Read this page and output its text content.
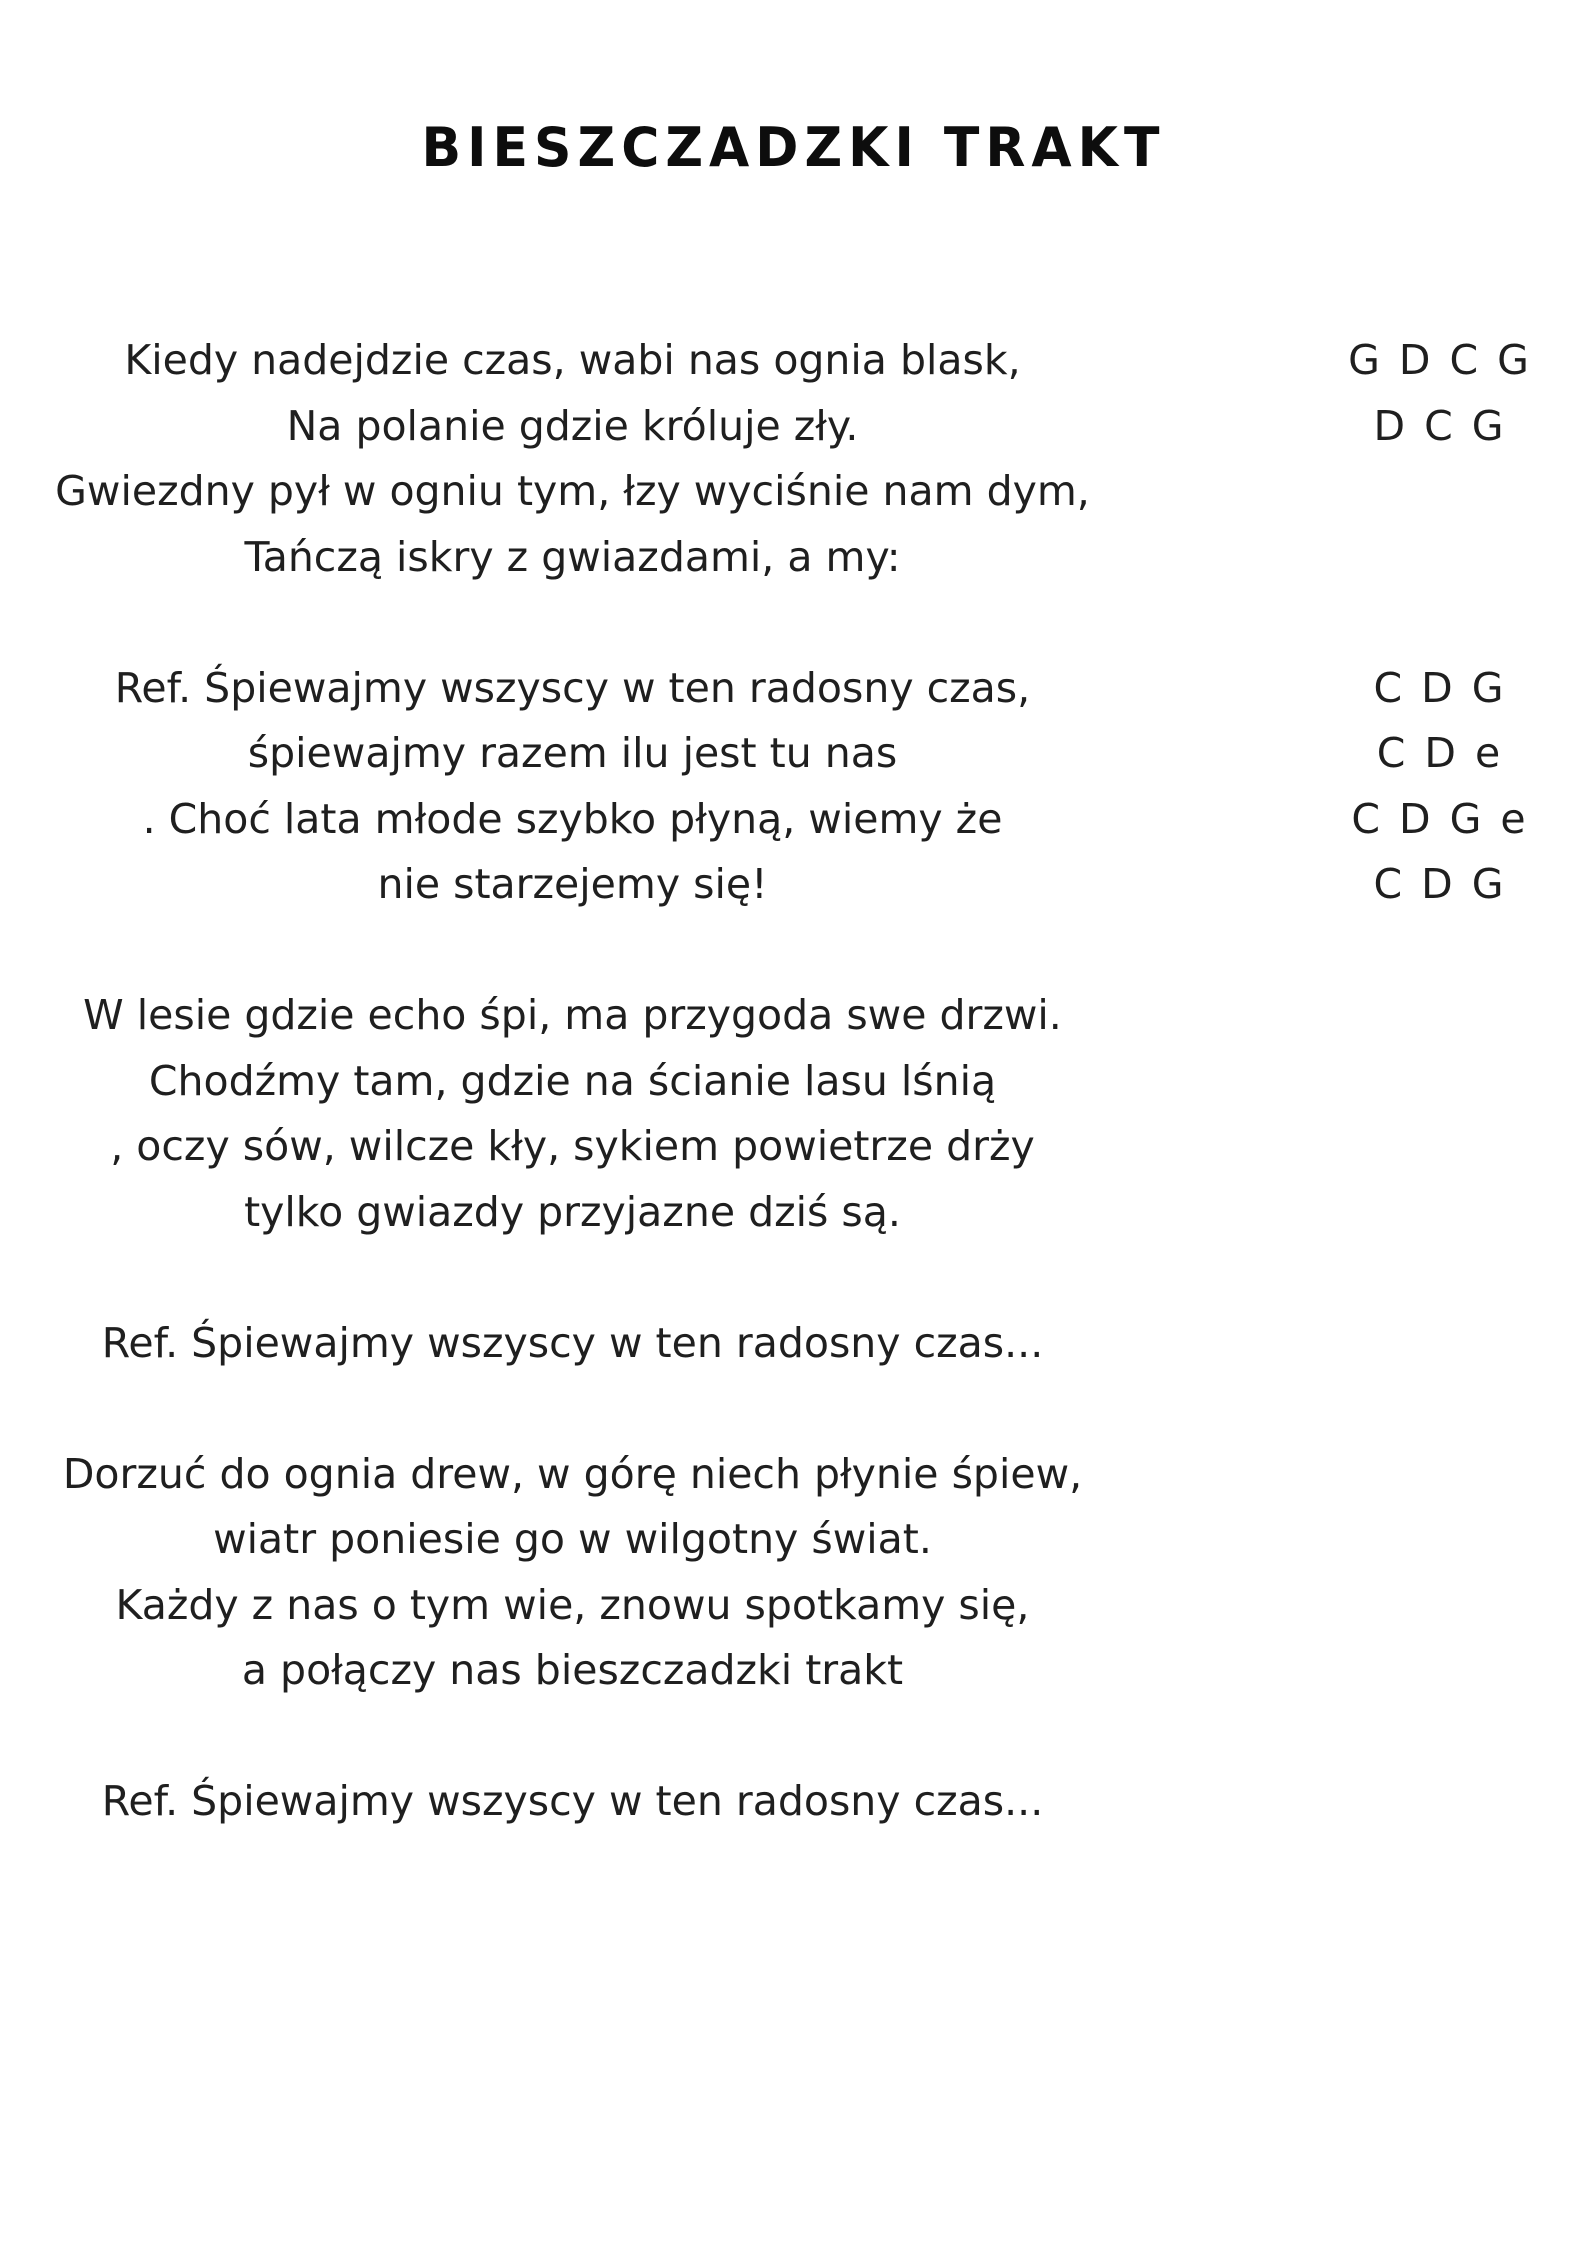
BIESZCZADZKI TRAKT
Kiedy nadejdzie czas, wabi nas ognia blask,
Na polanie gdzie króluje zły.
Gwiezdny pył w ogniu tym, łzy wyciśnie nam dym,
Tańczą iskry z gwiazdami, a my:
Ref. Śpiewajmy wszyscy w ten radosny czas,
śpiewajmy razem ilu jest tu nas
. Choć lata młode szybko płyną, wiemy że
nie starzejemy się!
W lesie gdzie echo śpi, ma przygoda swe drzwi.
Chodźmy tam, gdzie na ścianie lasu lśnią
, oczy sów, wilcze kły, sykiem powietrze drży
tylko gwiazdy przyjazne dziś są.
Ref. Śpiewajmy wszyscy w ten radosny czas...
Dorzuć do ognia drew, w górę niech płynie śpiew,
wiatr poniesie go w wilgotny świat.
Każdy z nas o tym wie, znowu spotkamy się,
a połączy nas bieszczadzki trakt
Ref. Śpiewajmy wszyscy w ten radosny czas...
G D C G
D C G
C D G
C D e
C D G e
C D G
